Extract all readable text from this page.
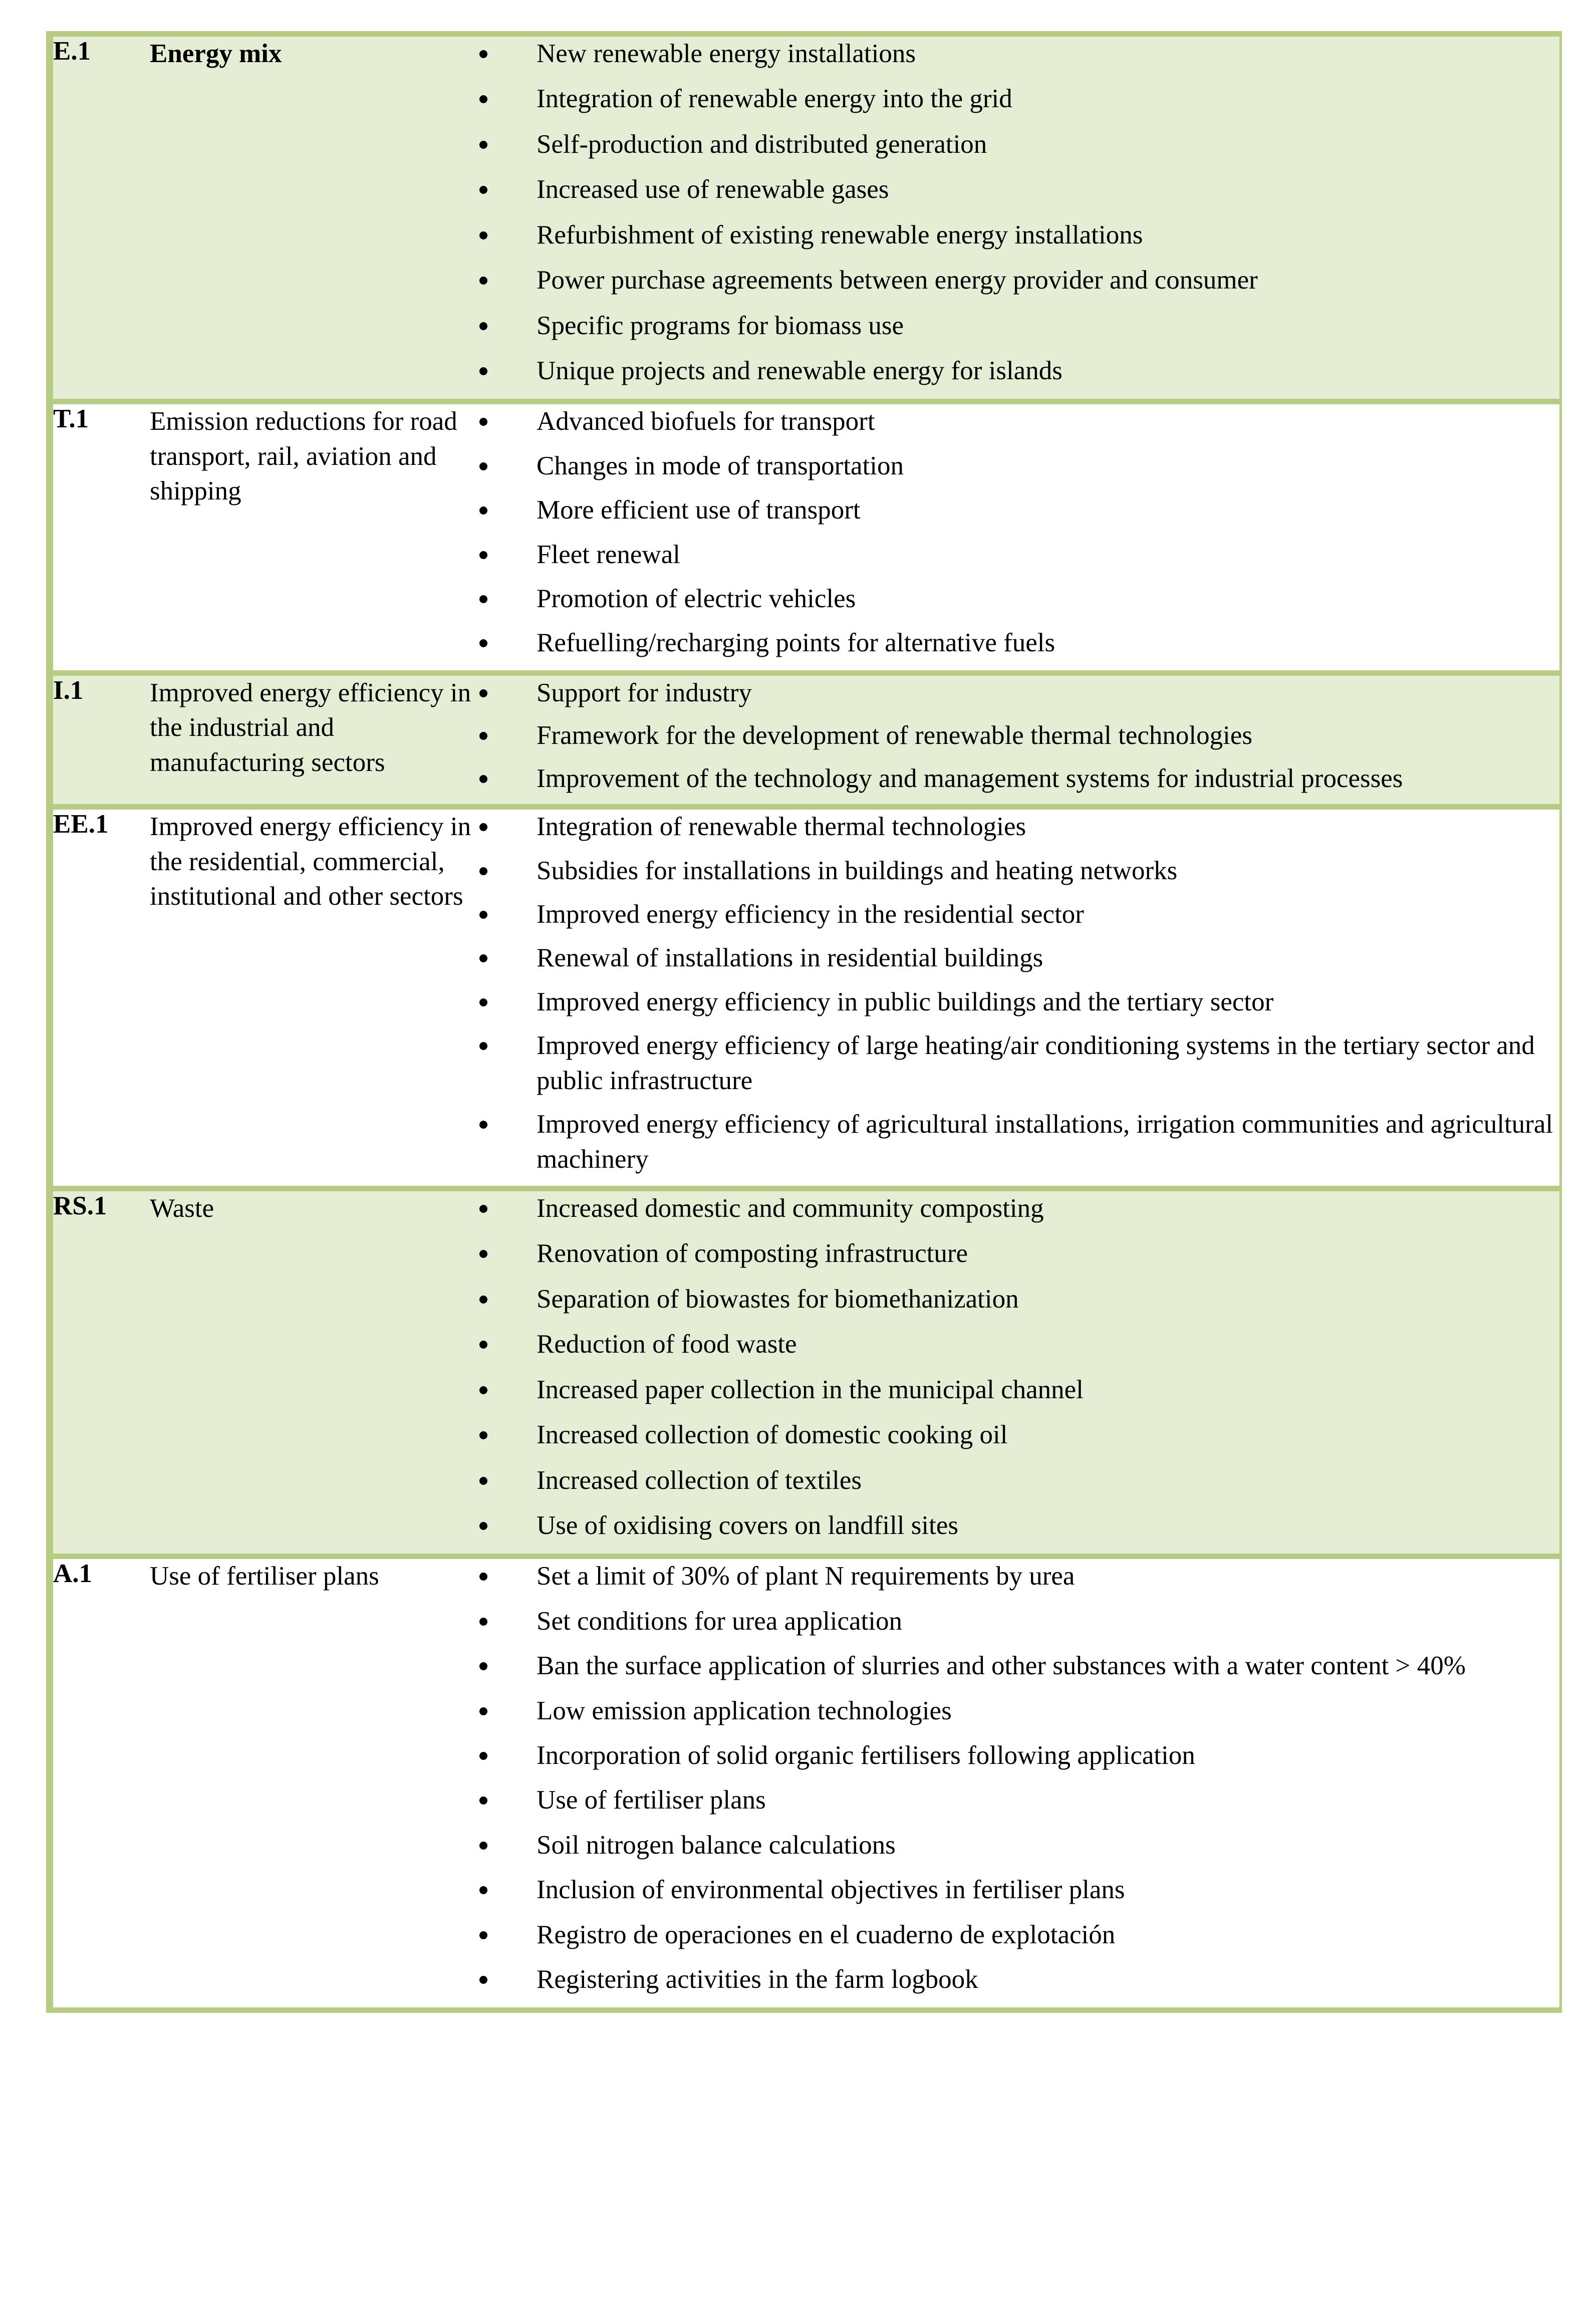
E.1	Energy mix	New renewable energy installations
Integration of renewable energy into the grid
Self-production and distributed generation
Increased use of renewable gases
Refurbishment of existing renewable energy installations
Power purchase agreements between energy provider and consumer
Specific programs for biomass use
Unique projects and renewable energy for islands

T.1	Emission reductions for road transport, rail, aviation and shipping	
Advanced biofuels for transport
Changes in mode of transportation
More efficient use of transport
Fleet renewal
Promotion of electric vehicles
Refuelling/recharging points for alternative fuels

I.1	Improved energy efficiency in the industrial and manufacturing sectors	
Support for industry
Framework for the development of renewable thermal technologies
Improvement of the technology and management systems for industrial processes

EE.1	Improved energy efficiency in the residential, commercial, institutional and other sectors	
Integration of renewable thermal technologies
Subsidies for installations in buildings and heating networks
Improved energy efficiency in the residential sector
Renewal of installations in residential buildings
Improved energy efficiency in public buildings and the tertiary sector
Improved energy efficiency of large heating/air conditioning systems in the tertiary sector and public infrastructure
Improved energy efficiency of agricultural installations, irrigation communities and agricultural machinery

RS.1	Waste	Increased domestic and community composting
Renovation of composting infrastructure
Separation of biowastes for biomethanization
Reduction of food waste
Increased paper collection in the municipal channel
Increased collection of domestic cooking oil
Increased collection of textiles
Use of oxidising covers on landfill sites

A.1	Use of fertiliser plans	Set a limit of 30% of plant N requirements by urea
Set conditions for urea application
Ban the surface application of slurries and other substances with a water content > 40%
Low emission application technologies
Incorporation of solid organic fertilisers following application
Use of fertiliser plans
Soil nitrogen balance calculations
Inclusion of environmental objectives in fertiliser plans
Registro de operaciones en el cuaderno de explotación
Registering activities in the farm logbook
